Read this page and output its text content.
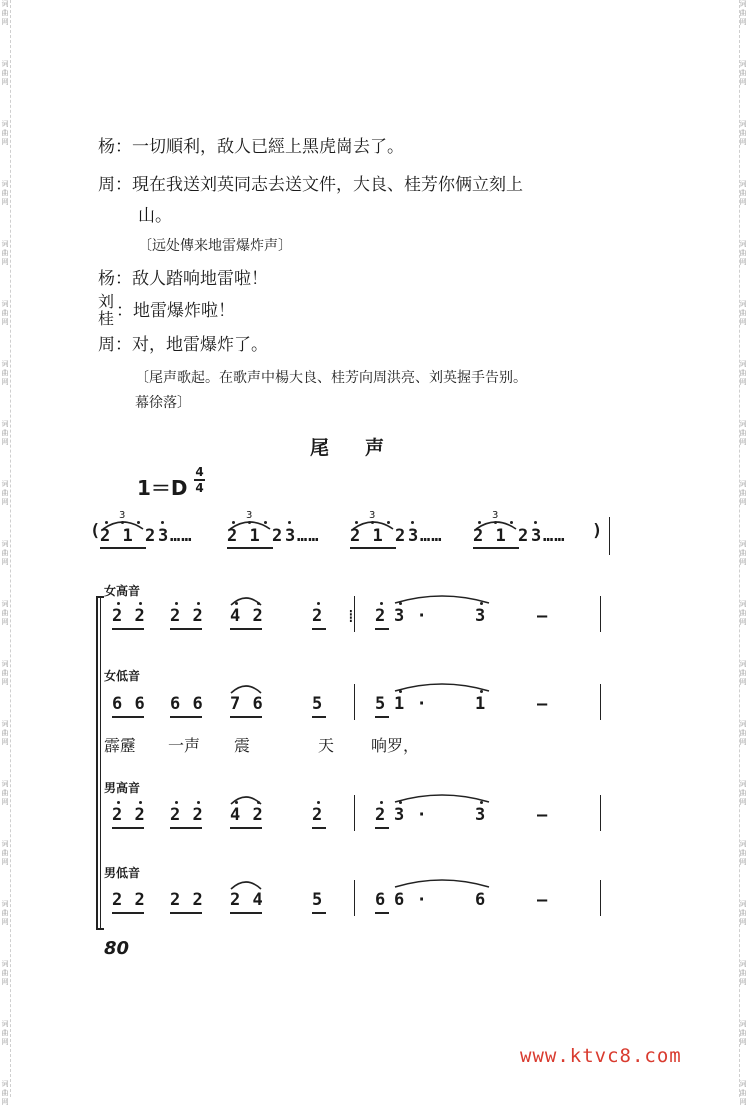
词
曲
网
词
曲
网
词
曲
网
词
曲
网
词
曲
网
词
曲
网
词
曲
网
词
曲
网
词
曲
网
词
曲
网
词
曲
网
词
曲
网
词
曲
网
词
曲
网
词
曲
网
词
曲
网
词
曲
网
词
曲
网
词
曲
网
词
曲
网
词
曲
网
词
曲
网
词
曲
网
词
曲
网
词
曲
网
词
曲
网
词
曲
网
词
曲
网
词
曲
网
词
曲
网
词
曲
网
词
曲
网
词
曲
网
词
曲
网
词
曲
网
词
曲
网
词
曲
网
词
曲
网
杨：一切順利，敌人已經上黑虎崗去了。
周：現在我送刘英同志去送文件，大良、桂芳你俩立刻上
山。
〔远处傳来地雷爆炸声〕
杨：敌人踏响地雷啦！
刘
桂 ：地雷爆炸啦！
周：对，地雷爆炸了。
〔尾声歌起。在歌声中楊大良、桂芳向周洪亮、刘英握手告别。
幕徐落〕
尾声
1＝D
4
4
(
3
2 1 2 3 ……
3
2 1 2 3 ……
3
2 1 2 3 ……
3
2 1 2 3 …… )
女高音
2 2 2 2 4 2	2 ⁞ 2 3 ·	3	–
女低音
6 6 6 6 7 6	5	5 1 ·	1	–
男高音
2 2 2 2 4 2	2	2 3 ·	3	–
男低音
2 2 2 2 2 4	5	6 6 ·	6	–
霹靂 一声 震	天 响罗，
80
www.ktvc8.com
